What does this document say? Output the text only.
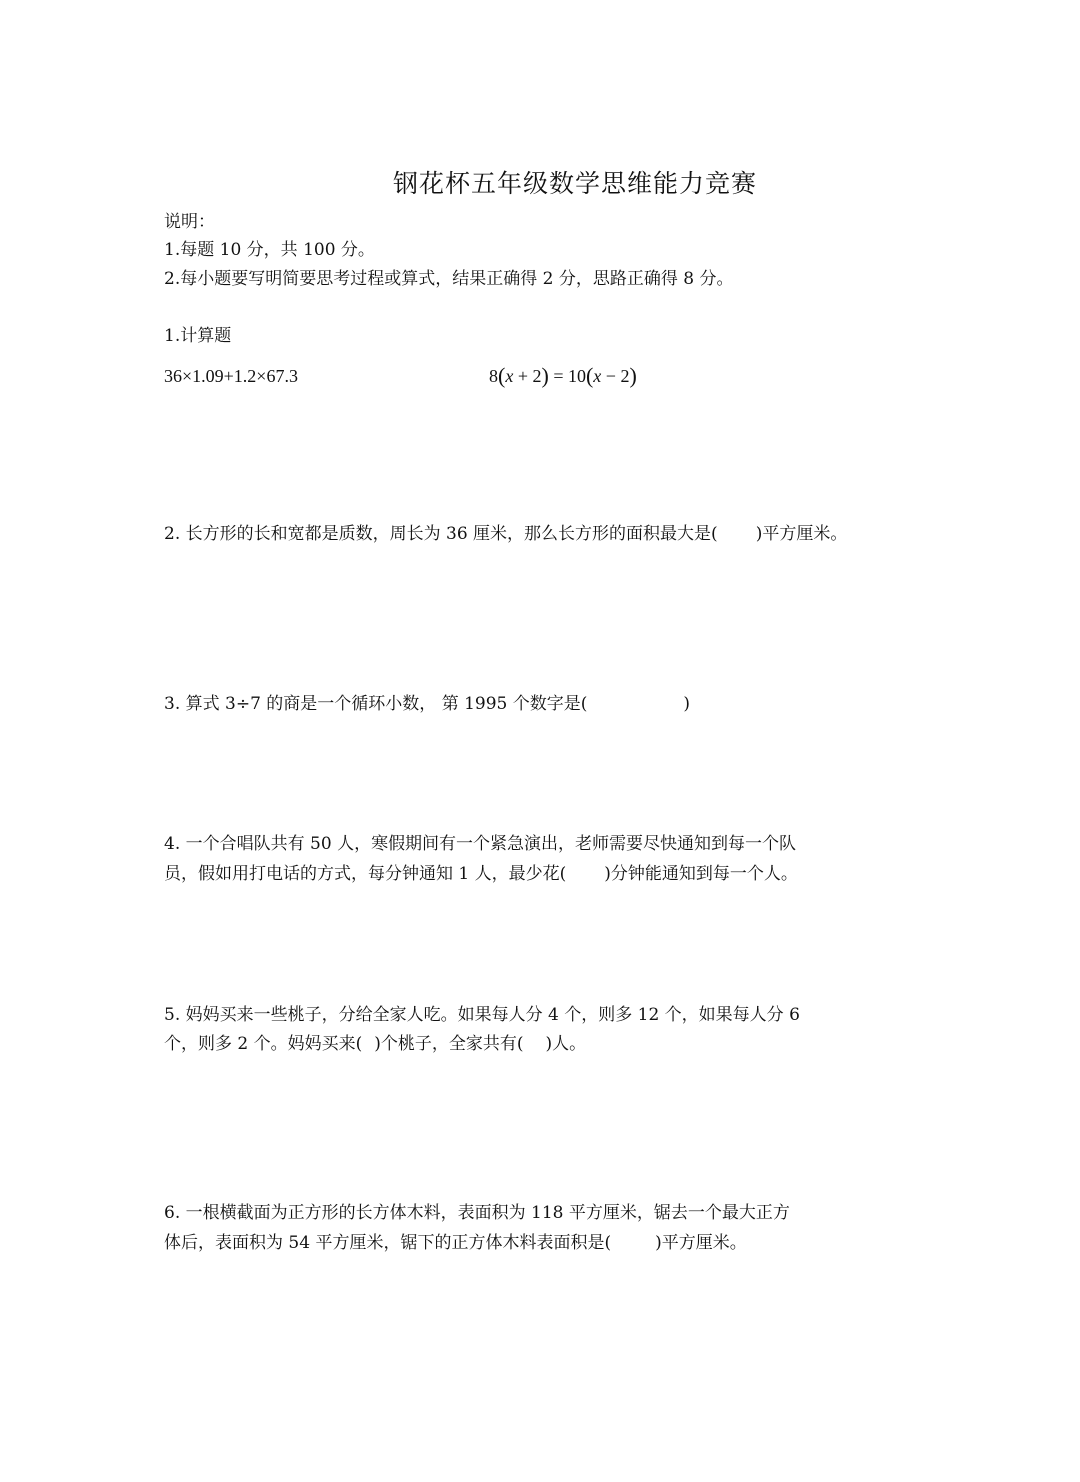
钢花杯五年级数学思维能力竞赛
说明：
1.每题 10 分，共 100 分。
2.每小题要写明简要思考过程或算式，结果正确得 2 分，思路正确得 8 分。
1.计算题
36×1.09+1.2×67.3	8(x + 2) = 10(x − 2)
2. 长方形的长和宽都是质数，周长为 36 厘米，那么长方形的面积最大是( )平方厘米。
3. 算式 3÷7 的商是一个循环小数， 第 1995 个数字是(	)
4. 一个合唱队共有 50 人，寒假期间有一个紧急演出，老师需要尽快通知到每一个队
员，假如用打电话的方式，每分钟通知 1 人，最少花( )分钟能通知到每一个人。
5. 妈妈买来一些桃子，分给全家人吃。如果每人分 4 个，则多 12 个，如果每人分 6
个，则多 2 个。妈妈买来( )个桃子，全家共有( )人。
6. 一根横截面为正方形的长方体木料，表面积为 118 平方厘米，锯去一个最大正方
体后，表面积为 54 平方厘米，锯下的正方体木料表面积是(	)平方厘米。
